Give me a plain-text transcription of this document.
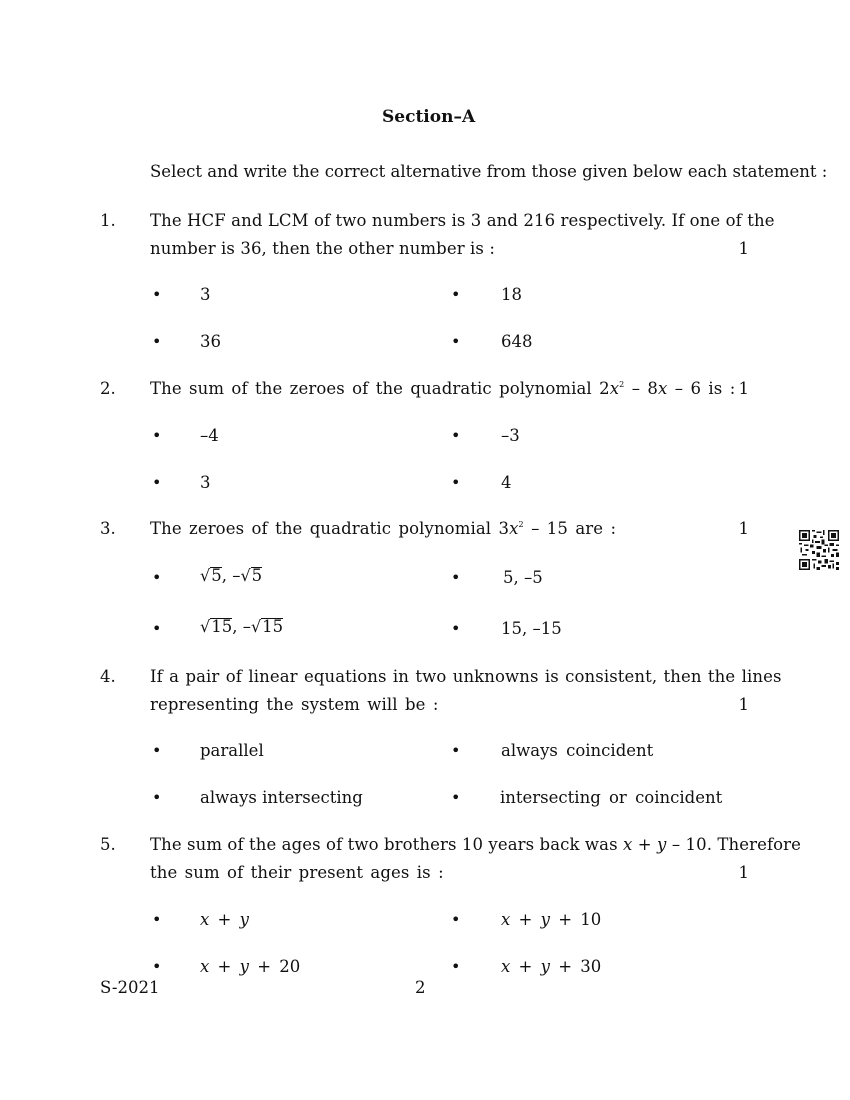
Section–A
Select and write the correct alternative from those given below each statement :
1.	The HCF and LCM of two numbers is 3 and 216 respectively. If one of the
number is 36, then the other number is :	1
• 3	• 18
• 36	• 648
2.	The sum of the zeroes of the quadratic polynomial $2x^2 - 8x - 6$ is : 1
• –4	• –3
• 3	• 4
3.	The zeroes of the quadratic polynomial $3x^2 - 15$ are :	1
• √5, –√5	•	5, –5
• √15, –√15	• 15, –15
4.	If a pair of linear equations in two unknowns is consistent, then the lines
representing the system will be :	1
• parallel	• always coincident
• always intersecting	• intersecting or coincident
5.	The sum of the ages of two brothers 10 years back was x + y – 10. Therefore
the sum of their present ages is :	1
• x + y	• x + y + 10
• x + y + 20	• x + y + 30
S-2021	2
